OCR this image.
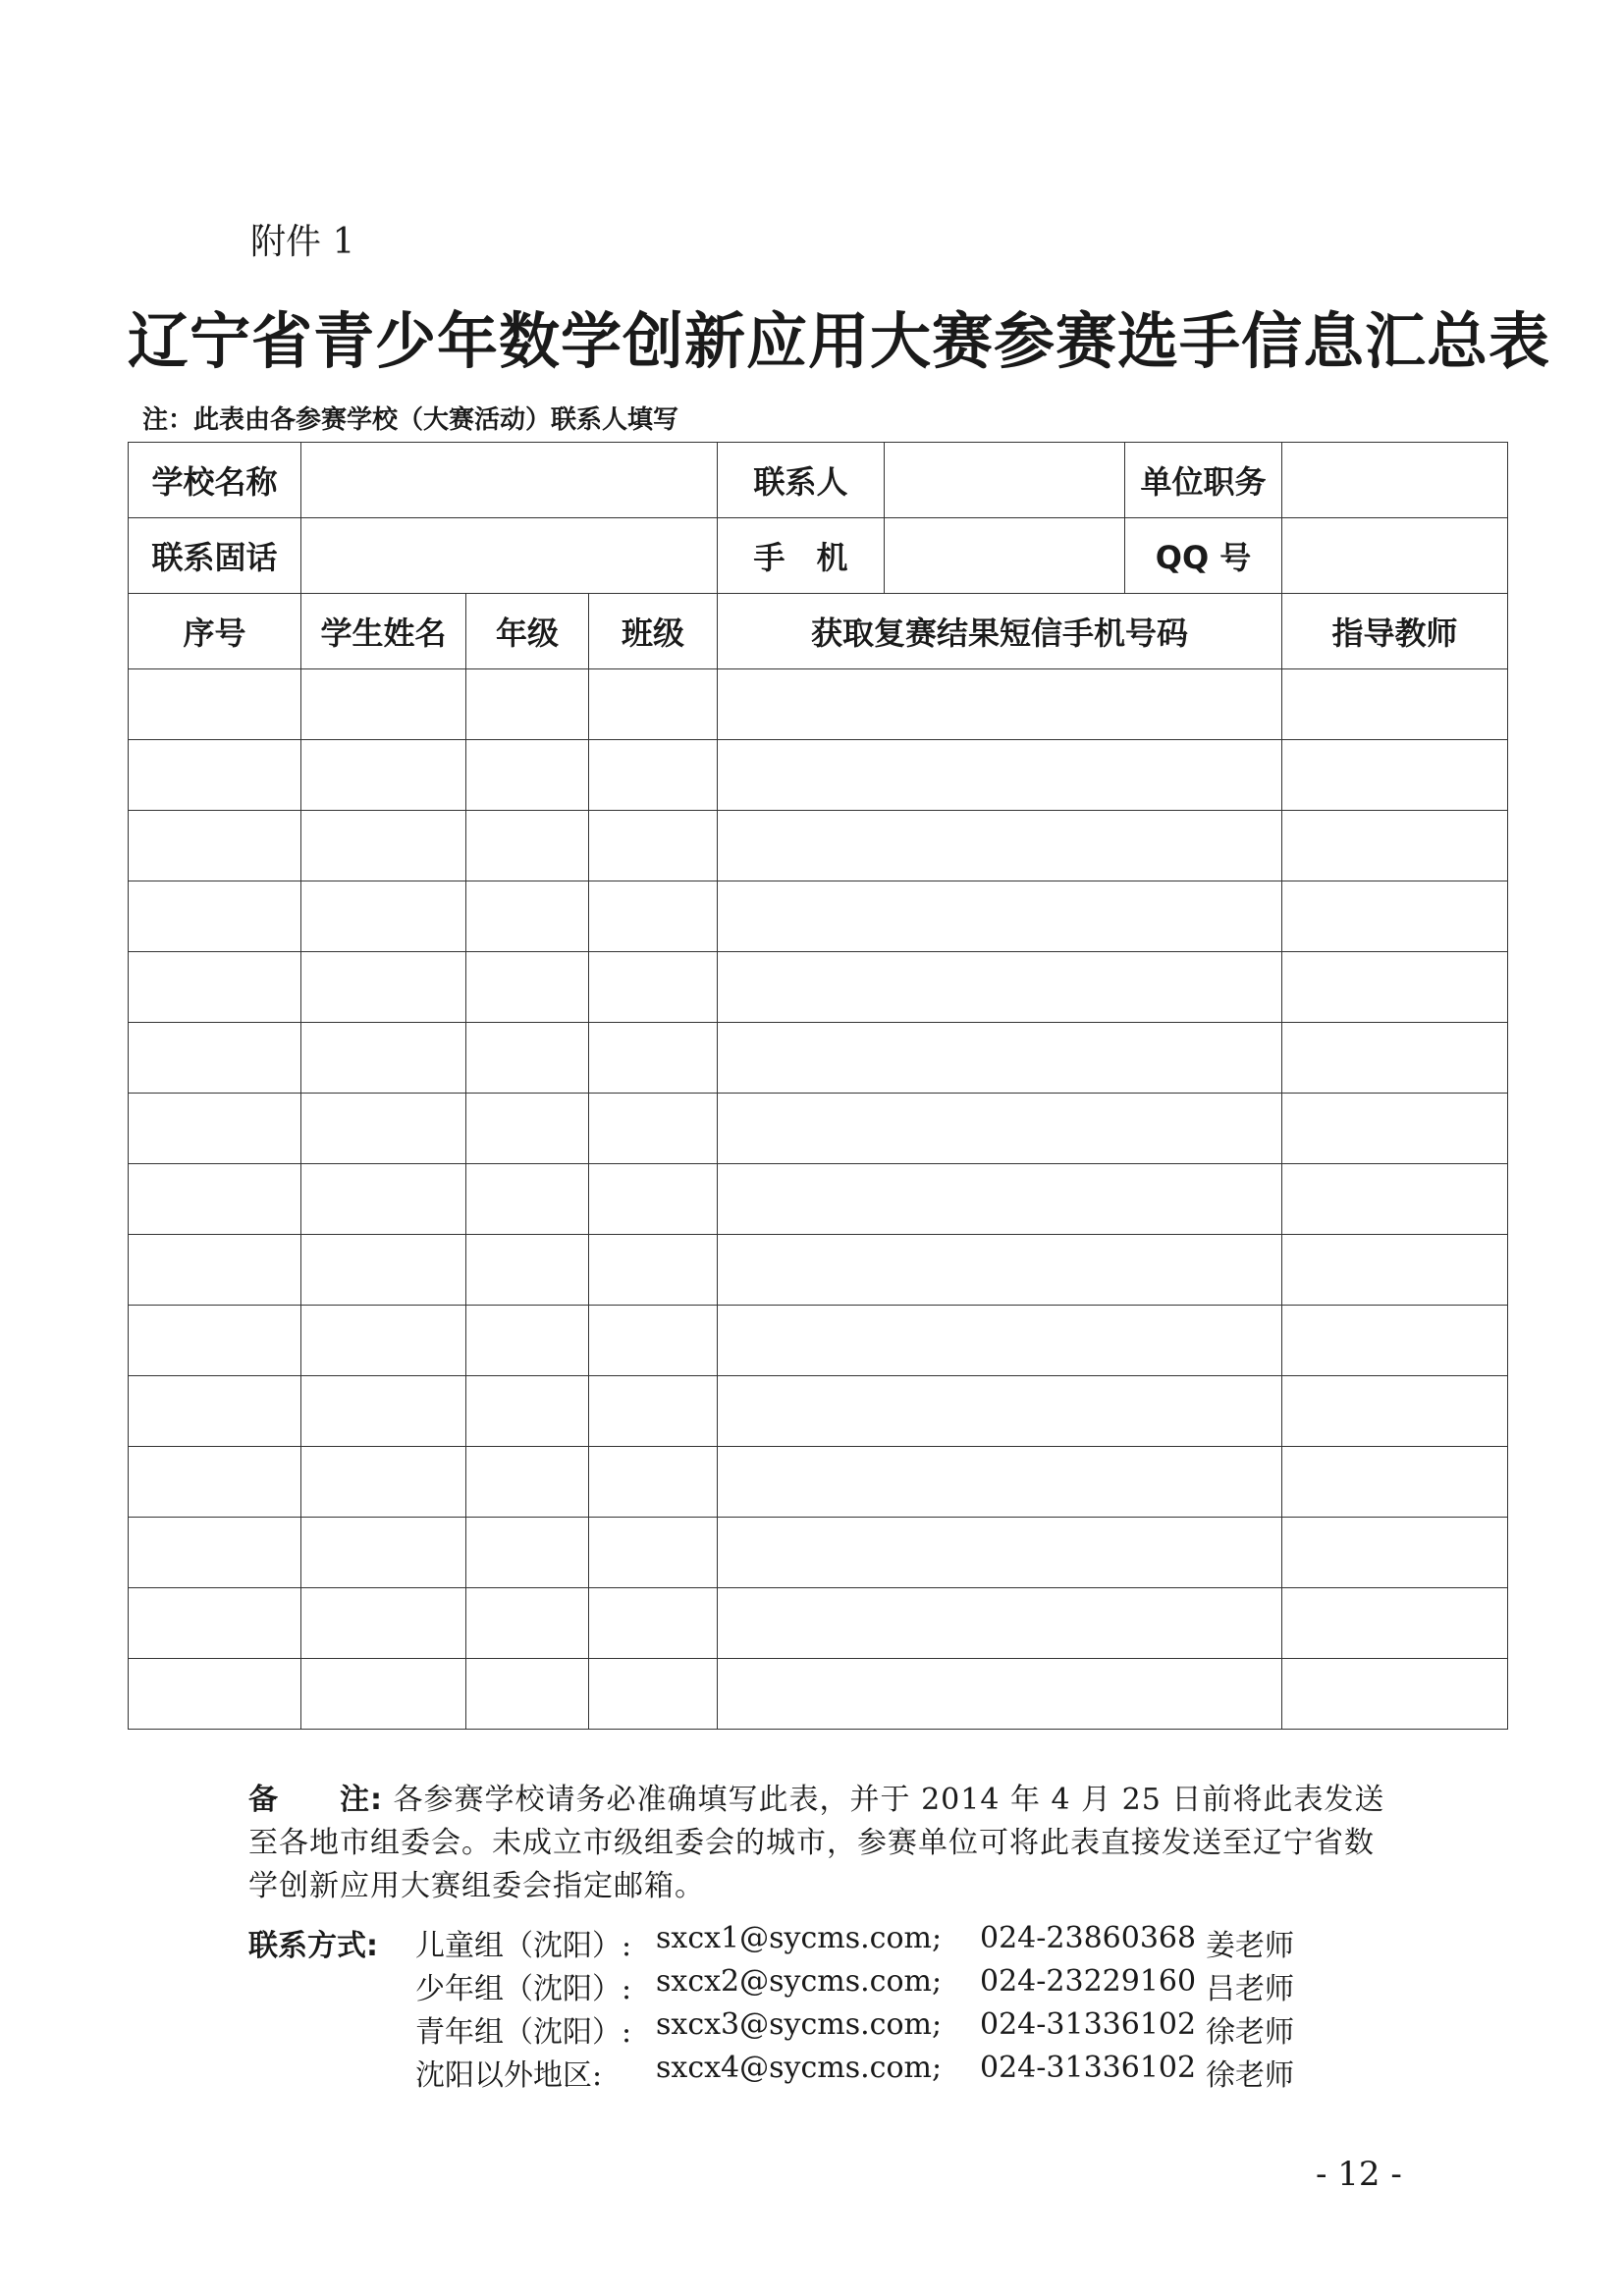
附件 1
辽宁省青少年数学创新应用大赛参赛选手信息汇总表
注：此表由各参赛学校（大赛活动）联系人填写
学校名称				联系人		单位职务	
联系固话				手　机		QQ 号	
序号	学生姓名	年级	班级	获取复赛结果短信手机号码			指导教师

备　　注: 各参赛学校请务必准确填写此表，并于 2014 年 4 月 25 日前将此表发送至各地市组委会。未成立市级组委会的城市，参赛单位可将此表直接发送至辽宁省数学创新应用大赛组委会指定邮箱。
联系方式:	儿童组（沈阳）: sxcx1@sycms.com; 024-23860368 姜老师
少年组（沈阳）: sxcx2@sycms.com; 024-23229160 吕老师
青年组（沈阳）: sxcx3@sycms.com; 024-31336102 徐老师
沈阳以外地区: sxcx4@sycms.com; 024-31336102 徐老师
- 12 -
